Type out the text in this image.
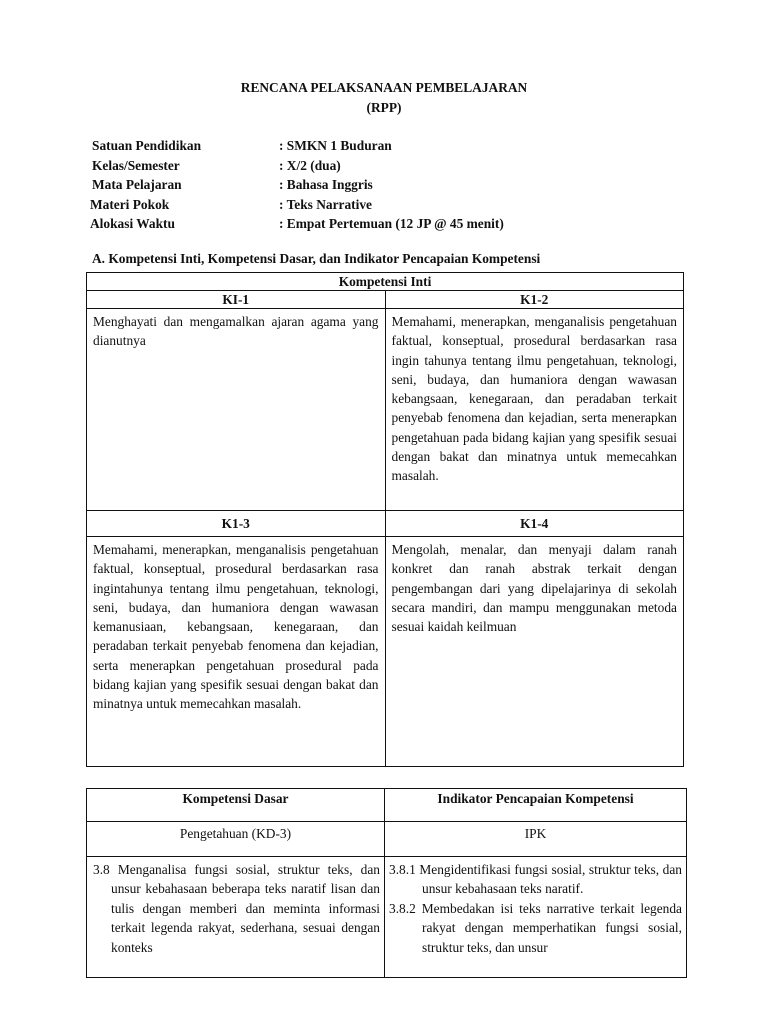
RENCANA PELAKSANAAN PEMBELAJARAN
(RPP)
Satuan Pendidikan	: SMKN 1 Buduran
Kelas/Semester	: X/2 (dua)
Mata Pelajaran	: Bahasa Inggris
Materi Pokok	: Teks Narrative
Alokasi Waktu	: Empat Pertemuan (12 JP @ 45 menit)
A. Kompetensi Inti, Kompetensi Dasar, dan Indikator Pencapaian Kompetensi
Kompetensi Inti	
KI-1	K1-2
Menghayati dan mengamalkan ajaran agama yang dianutnya	Memahami, menerapkan, menganalisis pengetahuan faktual, konseptual, prosedural berdasarkan rasa ingin tahunya tentang ilmu pengetahuan, teknologi, seni, budaya, dan humaniora dengan wawasan kebangsaan, kenegaraan, dan peradaban terkait penyebab fenomena dan kejadian, serta menerapkan pengetahuan pada bidang kajian yang spesifik sesuai dengan bakat dan minatnya untuk memecahkan masalah.
K1-3	K1-4
Memahami, menerapkan, menganalisis pengetahuan faktual, konseptual, prosedural berdasarkan rasa ingintahunya tentang ilmu pengetahuan, teknologi, seni, budaya, dan humaniora dengan wawasan kemanusiaan, kebangsaan, kenegaraan, dan peradaban terkait penyebab fenomena dan kejadian, serta menerapkan pengetahuan prosedural pada bidang kajian yang spesifik sesuai dengan bakat dan minatnya untuk memecahkan masalah.	Mengolah, menalar, dan menyaji dalam ranah konkret dan ranah abstrak terkait dengan pengembangan dari yang dipelajarinya di sekolah secara mandiri, dan mampu menggunakan metoda sesuai kaidah keilmuan
Kompetensi Dasar	Indikator Pencapaian Kompetensi
Pengetahuan (KD-3)	IPK

3.8 Menganalisa fungsi sosial, struktur teks, dan unsur kebahasaan beberapa teks naratif lisan dan tulis dengan memberi dan meminta informasi terkait legenda rakyat, sederhana, sesuai dengan konteks	3.8.1 Mengidentifikasi fungsi sosial, struktur teks, dan unsur kebahasaan teks naratif.
3.8.2 Membedakan isi teks narrative terkait legenda rakyat dengan memperhatikan fungsi sosial, struktur teks, dan unsur
